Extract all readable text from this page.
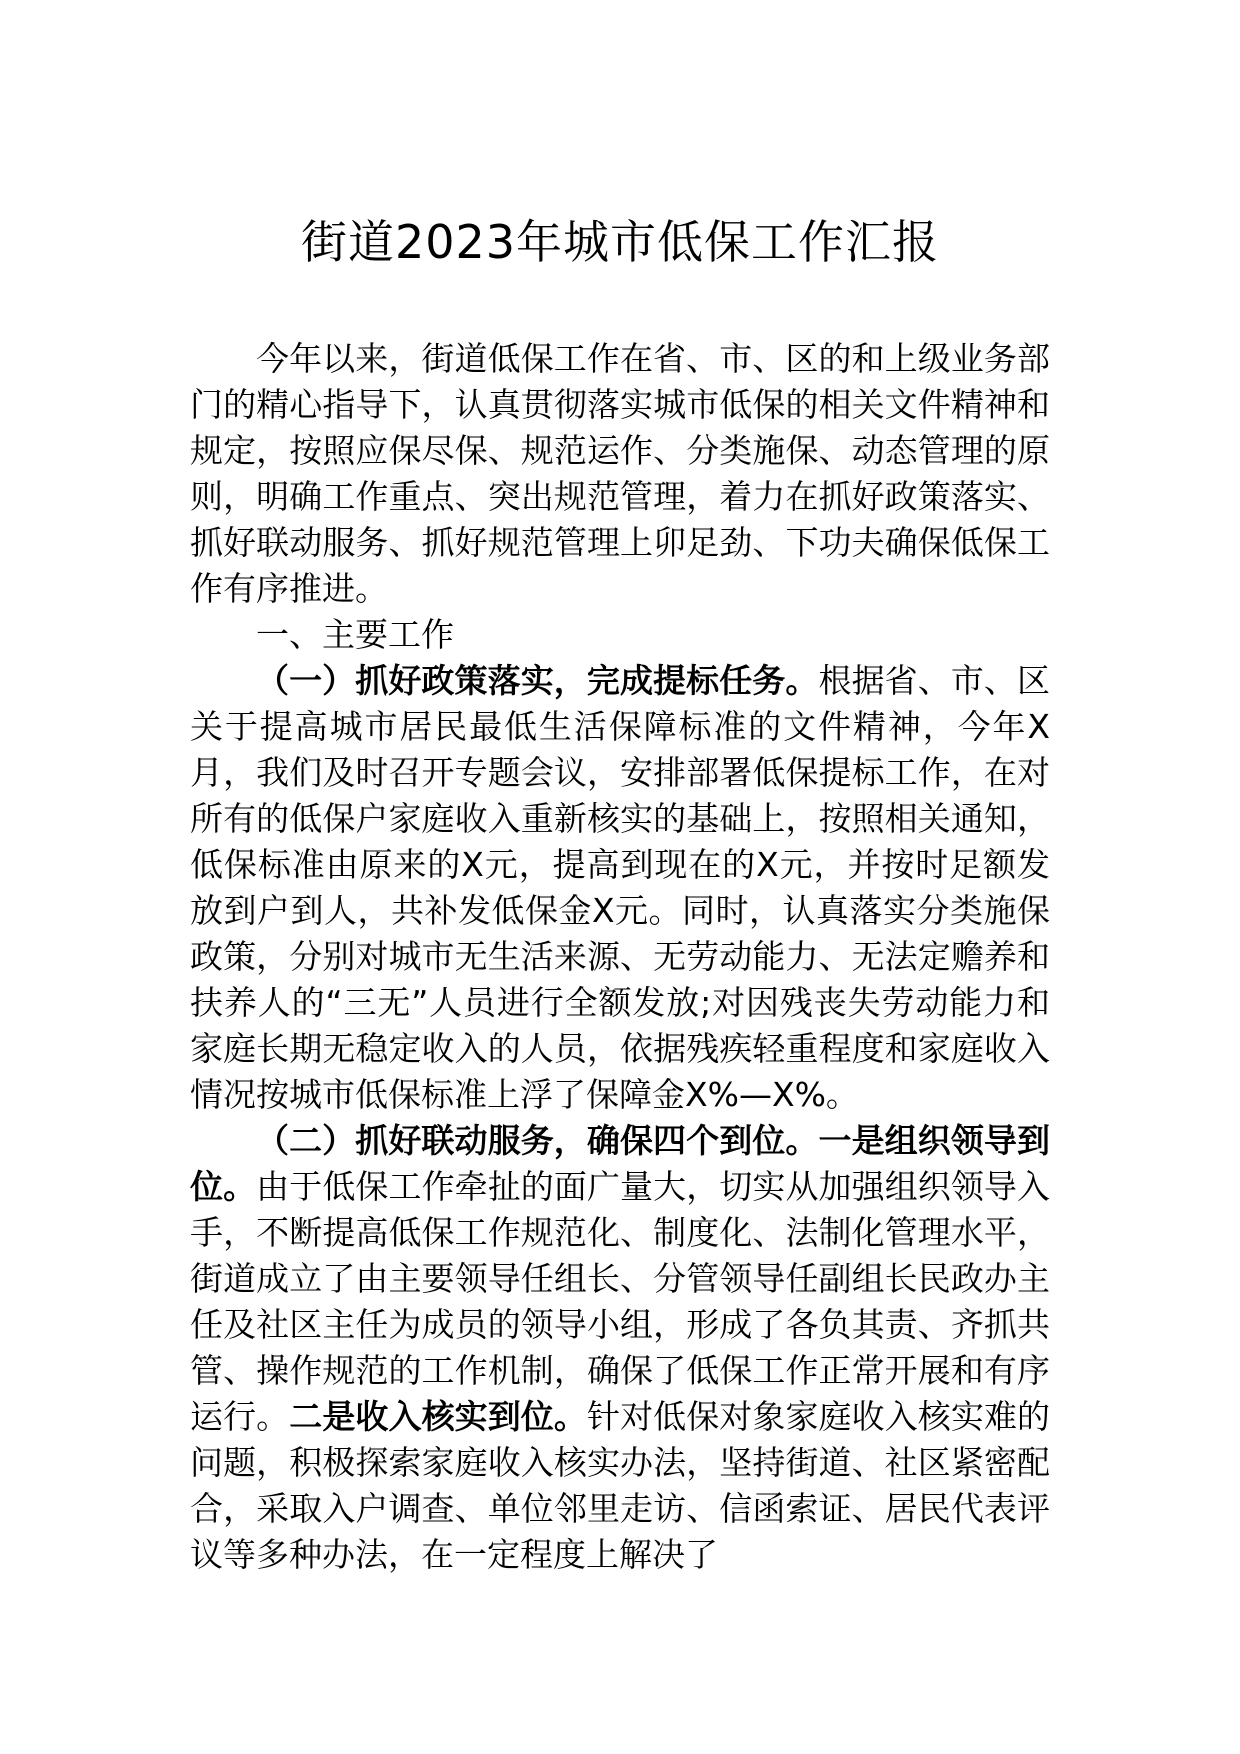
街道2023年城市低保工作汇报

今年以来，街道低保工作在省、市、区的和上级业务部门的精心指导下，认真贯彻落实城市低保的相关文件精神和规定，按照应保尽保、规范运作、分类施保、动态管理的原则，明确工作重点、突出规范管理，着力在抓好政策落实、抓好联动服务、抓好规范管理上卯足劲、下功夫确保低保工作有序推进。

一、主要工作

（一）抓好政策落实，完成提标任务。根据省、市、区关于提高城市居民最低生活保障标准的文件精神，今年X月，我们及时召开专题会议，安排部署低保提标工作，在对所有的低保户家庭收入重新核实的基础上，按照相关通知，低保标准由原来的X元，提高到现在的X元，并按时足额发放到户到人，共补发低保金X元。同时，认真落实分类施保政策，分别对城市无生活来源、无劳动能力、无法定赡养和扶养人的“三无”人员进行全额发放;对因残丧失劳动能力和家庭长期无稳定收入的人员，依据残疾轻重程度和家庭收入情况按城市低保标准上浮了保障金X%—X%。

（二）抓好联动服务，确保四个到位。一是组织领导到位。由于低保工作牵扯的面广量大，切实从加强组织领导入手，不断提高低保工作规范化、制度化、法制化管理水平，街道成立了由主要领导任组长、分管领导任副组长民政办主任及社区主任为成员的领导小组，形成了各负其责、齐抓共管、操作规范的工作机制，确保了低保工作正常开展和有序运行。二是收入核实到位。针对低保对象家庭收入核实难的问题，积极探索家庭收入核实办法，坚持街道、社区紧密配合，采取入户调查、单位邻里走访、信函索证、居民代表评议等多种办法，在一定程度上解决了
